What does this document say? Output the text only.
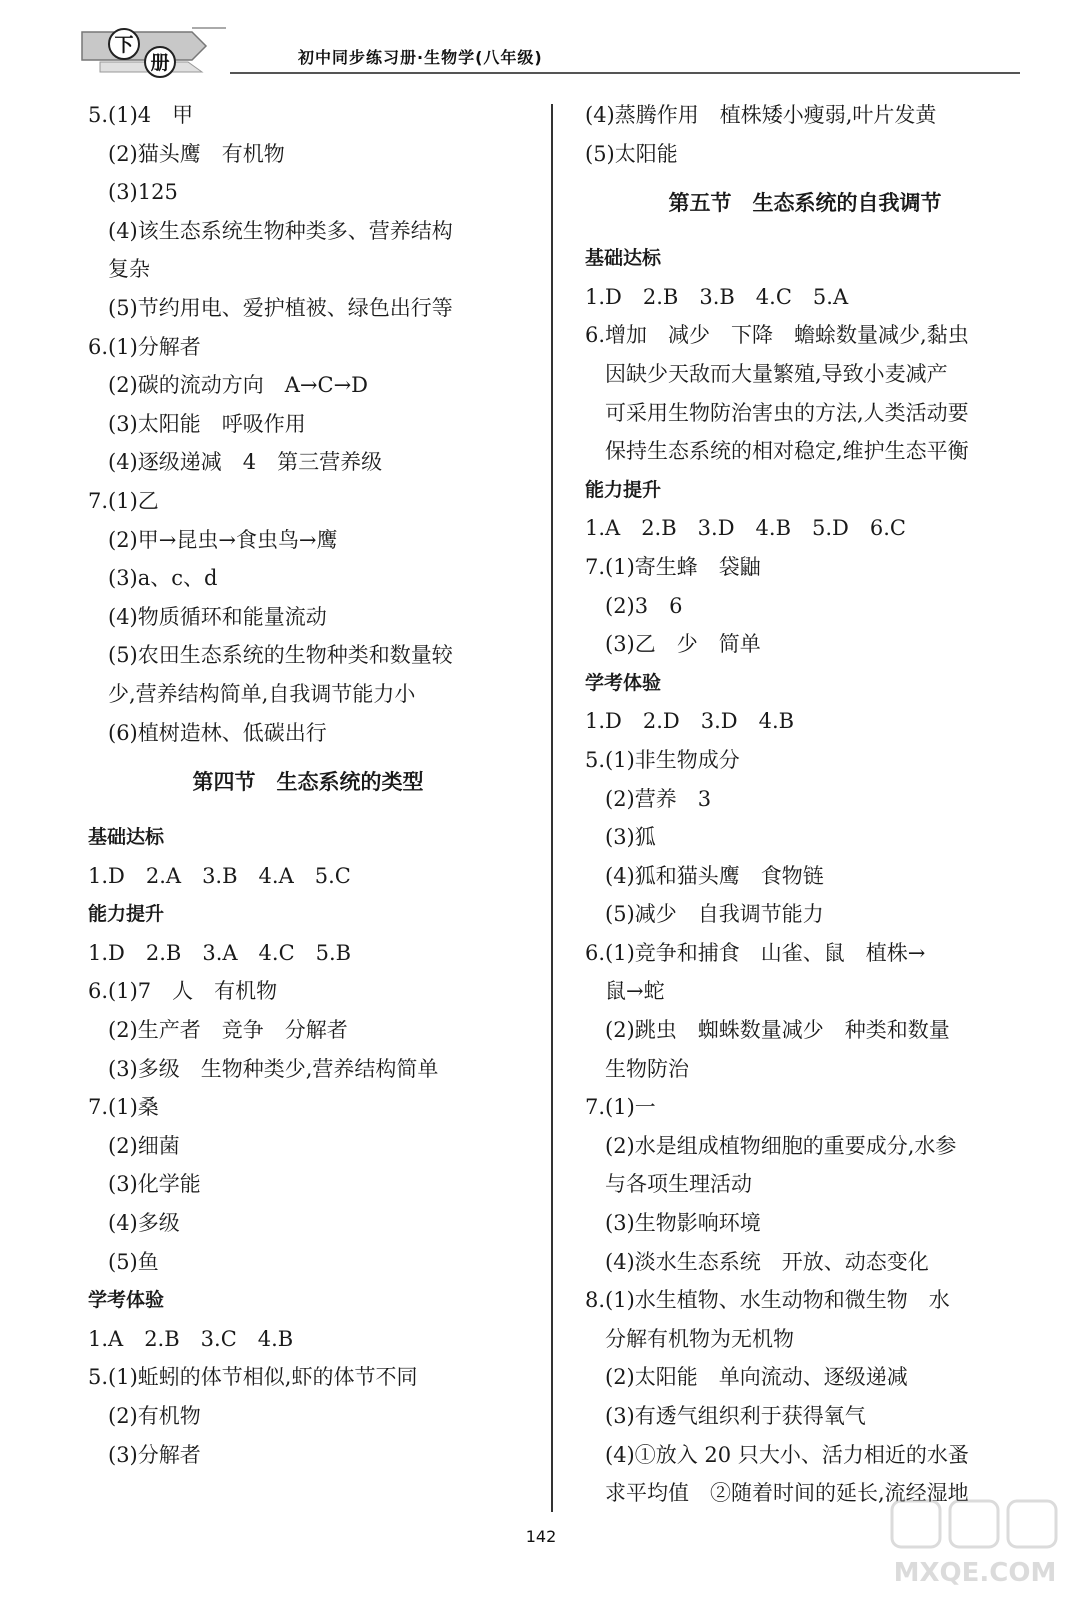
下
册	初中同步练习册·生物学(八年级)
5.(1)4　甲
(2)猫头鹰　有机物
(3)125
(4)该生态系统生物种类多、营养结构
复杂
(5)节约用电、爱护植被、绿色出行等
6.(1)分解者
(2)碳的流动方向　A→C→D
(3)太阳能　呼吸作用
(4)逐级递减　4　第三营养级
7.(1)乙
(2)甲→昆虫→食虫鸟→鹰
(3)a、c、d
(4)物质循环和能量流动
(5)农田生态系统的生物种类和数量较
少,营养结构简单,自我调节能力小
(6)植树造林、低碳出行
第四节　生态系统的类型
基础达标
1.D　2.A　3.B　4.A　5.C
能力提升
1.D　2.B　3.A　4.C　5.B
6.(1)7　人　有机物
(2)生产者　竞争　分解者
(3)多级　生物种类少,营养结构简单
7.(1)桑
(2)细菌
(3)化学能
(4)多级
(5)鱼
学考体验
1.A　2.B　3.C　4.B
5.(1)蚯蚓的体节相似,虾的体节不同
(2)有机物
(3)分解者
(4)蒸腾作用　植株矮小瘦弱,叶片发黄
(5)太阳能
第五节　生态系统的自我调节
基础达标
1.D　2.B　3.B　4.C　5.A
6.增加　减少　下降　蟾蜍数量减少,黏虫
因缺少天敌而大量繁殖,导致小麦减产
可采用生物防治害虫的方法,人类活动要
保持生态系统的相对稳定,维护生态平衡
能力提升
1.A　2.B　3.D　4.B　5.D　6.C
7.(1)寄生蜂　袋鼬
(2)3　6
(3)乙　少　简单
学考体验
1.D　2.D　3.D　4.B
5.(1)非生物成分
(2)营养　3
(3)狐
(4)狐和猫头鹰　食物链
(5)减少　自我调节能力
6.(1)竞争和捕食　山雀、鼠　植株→
鼠→蛇
(2)跳虫　蜘蛛数量减少　种类和数量
生物防治
7.(1)一
(2)水是组成植物细胞的重要成分,水参
与各项生理活动
(3)生物影响环境
(4)淡水生态系统　开放、动态变化
8.(1)水生植物、水生动物和微生物　水
分解有机物为无机物
(2)太阳能　单向流动、逐级递减
(3)有透气组织利于获得氧气
(4)①放入 20 只大小、活力相近的水蚤
求平均值　②随着时间的延长,流经湿地
142
MXQE.COM
